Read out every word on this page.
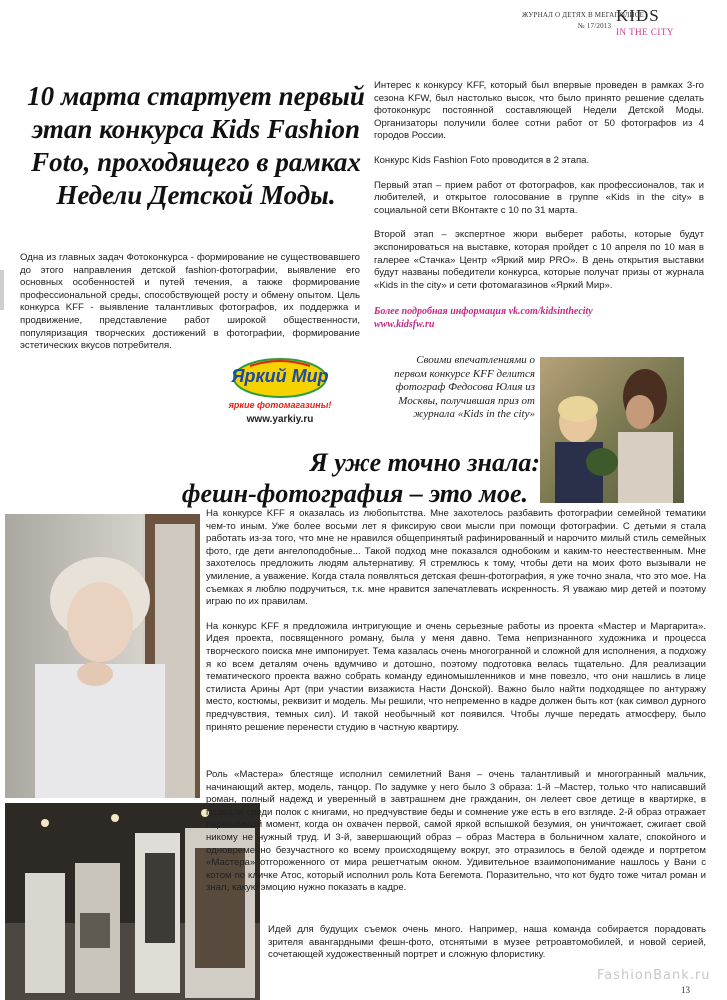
ЖУРНАЛ О ДЕТЯХ В МЕГАПОЛИСЕ
№ 17/2013
KIDS
IN THE CITY
10 марта стартует первый этап конкурса Kids Fashion Foto, проходящего в рамках Недели Детской Моды.
Одна из главных задач Фотоконкурса - формирование не существовавшего до этого направления детской fashion-фотографии, выявление его основных особенностей и путей течения, а также формирование профессиональной среды, способствующей росту и обмену опытом. Цель конкурса KFF - выявление талантливых фотографов, их поддержка и продвижение, представление работ широкой общественности, популяризация творческих достижений в фотографии, формирование эстетических вкусов потребителя.

Интерес к конкурсу KFF, который был впервые проведен в рамках 3-го сезона KFW, был настолько высок, что было принято решение сделать фотоконкурс постоянной составляющей Недели Детской Моды. Организаторы получили более сотни работ от 50 фотографов из 4 городов России.

Конкурс Kids Fashion Foto проводится в 2 этапа.

Первый этап – прием работ от фотографов, как профессионалов, так и любителей, и открытое голосование в группе «Kids in the city» в социальной сети ВКонтакте с 10 по 31 марта.

Второй этап – экспертное жюри выберет работы, которые будут экспонироваться на выставке, которая пройдет с 10 апреля по 10 мая в галерее «Стачка» Центр «Яркий мир PRO». В день открытия выставки будут названы победители конкурса, которые получат призы от журнала «Kids in the city» и сети фотомагазинов «Яркий Мир».

Более подробная информация vk.com/kidsinthecity
www.kidsfw.ru
Яркий Мир
яркие фотомагазины!
www.yarkiy.ru
Своими впечатлениями о первом конкурсе KFF делится фотограф Федосова Юлия из Москвы, получившая приз от журнала «Kids in the city»
Я уже точно знала:
фешн-фотография – это мое.

На конкурсе KFF я оказалась из любопытства. Мне захотелось разбавить фотографии семейной тематики чем-то иным. Уже более восьми лет я фиксирую свои мысли при помощи фотографии. С детьми я стала работать из-за того, что мне не нравился общепринятый рафинированный и нарочито милый стиль семейных фото, где дети ангелоподобные... Такой подход мне показался однобоким и каким-то неестественным. Мне захотелось предложить людям альтернативу. Я стремлюсь к тому, чтобы дети на моих фото вызывали не умиление, а уважение. Когда стала появляться детская фешн-фотография, я уже точно знала, что это мое. На съемках я люблю подручиться, т.к. мне нравится запечатлевать искренность. Я уважаю мир детей и поэтому играю по их правилам.

На конкурс KFF я предложила интригующие и очень серьезные работы из проекта «Мастер и Маргарита». Идея проекта, посвященного роману, была у меня давно. Тема непризнанного художника и процесса творческого поиска мне импонирует. Тема казалась очень многогранной и сложной для исполнения, а подхожу я ко всем деталям очень вдумчиво и дотошно, поэтому подготовка велась тщательно. Для реализации тематического проекта важно собрать команду единомышленников и мне повезло, что они нашлись в лице стилиста Арины Арт (при участии визажиста Насти Донской). Важно было найти подходящее по антуражу место, костюмы, реквизит и модель. Мы решили, что непременно в кадре должен быть кот (как символ дурного предчувствия, темных сил). И такой необычный кот появился. Чтобы лучше передать атмосферу, было принято решение перенести студию в частную квартиру.

Роль «Мастера» блестяще исполнил семилетний Ваня – очень талантливый и многогранный мальчик, начинающий актер, модель, танцор. По задумке у него было 3 образа: 1-й –Мастер, только что написавший роман, полный надежд и уверенный в завтрашнем дне гражданин, он лелеет свое детище в квартирке, в подвале среди полок с книгами, но предчувствие беды и сомнение уже есть в его взгляде. 2-й образ отражает переломный момент, когда он охвачен первой, самой яркой вспышкой безумия, он уничтожает, сжигает свой никому не нужный труд. И 3-й, завершающий образ – образ Мастера в больничном халате, спокойного и одновременно безучастного ко всему происходящему вокруг, это отразилось в белой одежде и портретом «Мастера» отгороженного от мира решетчатым окном. Удивительное взаимопонимание нашлось у Вани с котом по кличке Атос, который исполнил роль Кота Бегемота. Поразительно, что кот будто тоже читал роман и знал, какую эмоцию нужно показать в кадре.

Идей для будущих съемок очень много. Например, наша команда собирается порадовать зрителя авангардными фешн-фото, отснятыми в музее ретроавтомобилей, и новой серией, сочетающей художественный портрет и сложную флористику.

FashionBank.ru
13
